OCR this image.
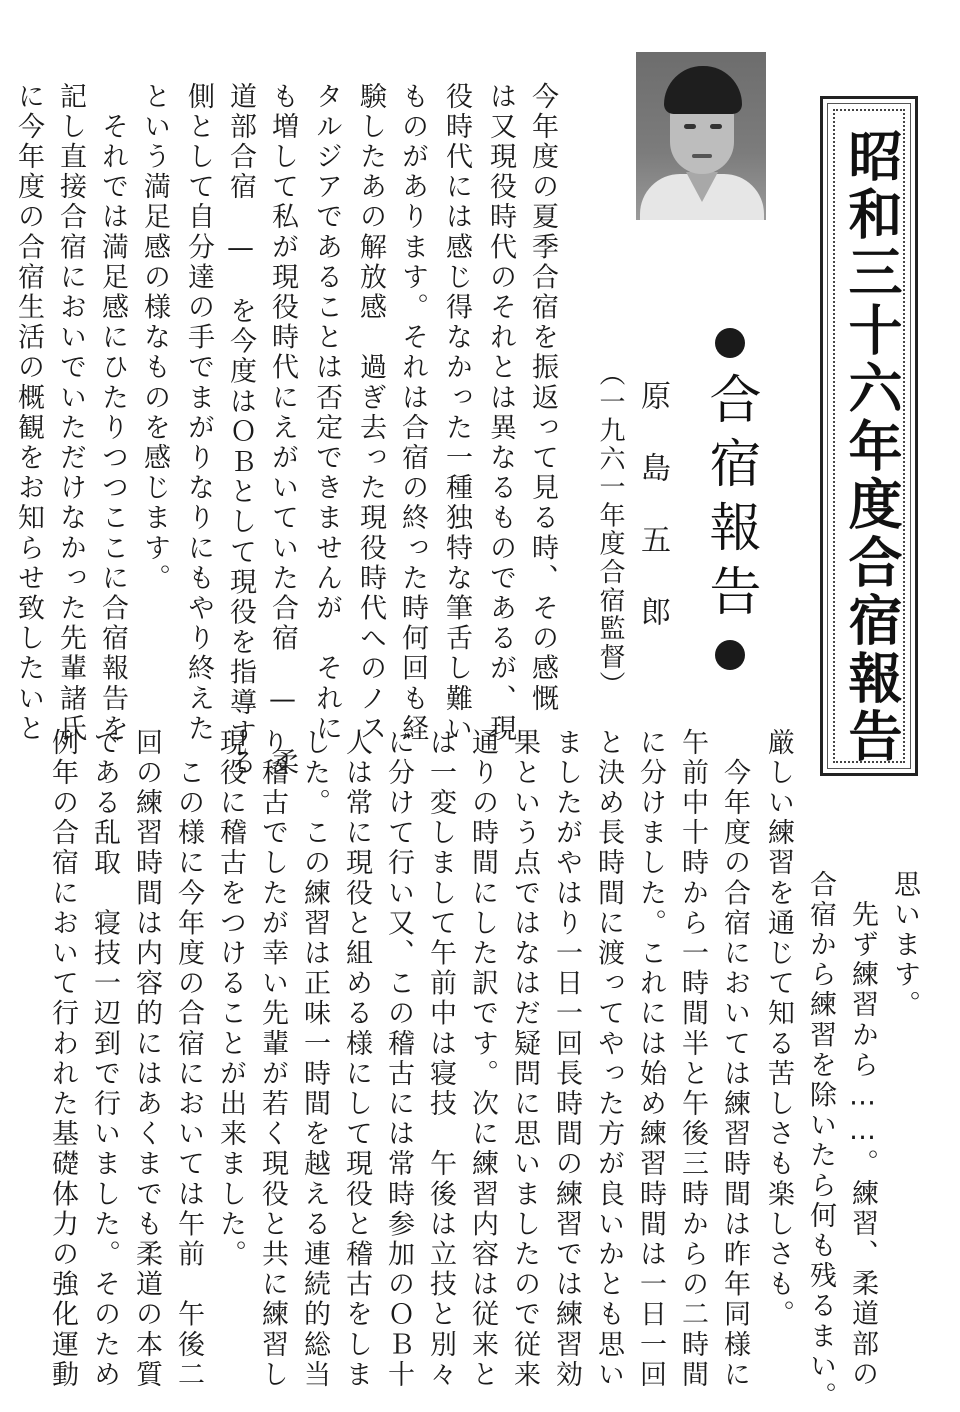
昭和三十六年度合宿報告
合宿報告
原島五郎
（一九六一年度合宿監督）
今年度の夏季合宿を振返って見る時、その感慨
は又現役時代のそれとは異なるものであるが、現
役時代には感じ得なかった一種独特な筆舌し難い
ものがあります。それは合宿の終った時何回も経
験したあの解放感　過ぎ去った現役時代へのノス
タルジアであることは否定できませんが　それに
も増して私が現役時代にえがいていた合宿　—　柔
道部合宿　—　を今度はＯＢとして現役を指導する
側として自分達の手でまがりなりにもやり終えた
という満足感の様なものを感じます。
　それでは満足感にひたりつつここに合宿報告を
記し直接合宿においでいただけなかった先輩諸氏
に今年度の合宿生活の概観をお知らせ致したいと
思います。
　先ず練習から……。練習、柔道部の
合宿から練習を除いたら何も残るまい。
厳しい練習を通じて知る苦しさも楽しさも。
　今年度の合宿においては練習時間は昨年同様に
午前中十時から一時間半と午後三時からの二時間
に分けました。これには始め練習時間は一日一回
と決め長時間に渡ってやった方が良いかとも思い
ましたがやはり一日一回長時間の練習では練習効
果という点ではなはだ疑問に思いましたので従来
通りの時間にした訳です。次に練習内容は従来と
は一変しまして午前中は寝技　午後は立技と別々
に分けて行い又、この稽古には常時参加のＯＢ十
人は常に現役と組める様にして現役と稽古をしま
した。この練習は正味一時間を越える連続的総当
り稽古でしたが幸い先輩が若く現役と共に練習し
現役に稽古をつけることが出来ました。
　この様に今年度の合宿においては午前　午後二
回の練習時間は内容的にはあくまでも柔道の本質
である乱取　寝技一辺到で行いました。そのため
例年の合宿において行われた基礎体力の強化運動
